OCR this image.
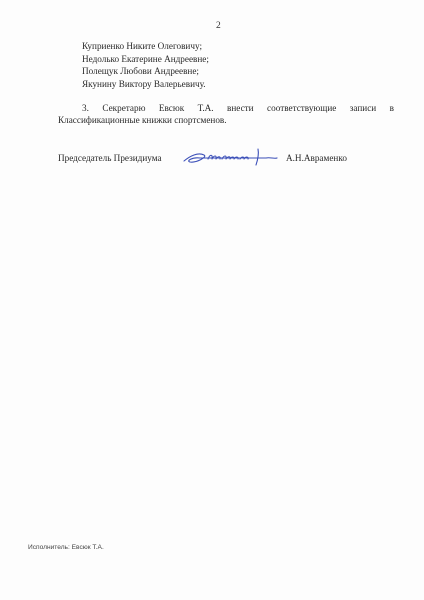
2
Куприенко Никите Олеговичу;
Недолько Екатерине Андреевне;
Полещук Любови Андреевне;
Якунину Виктору Валерьевичу.
3. Секретарю Евсюк Т.А. внести соответствующие записи в
Классификационные книжки спортсменов.
Председатель Президиума	А.Н.Авраменко
Исполнитель: Евсюк Т.А.
